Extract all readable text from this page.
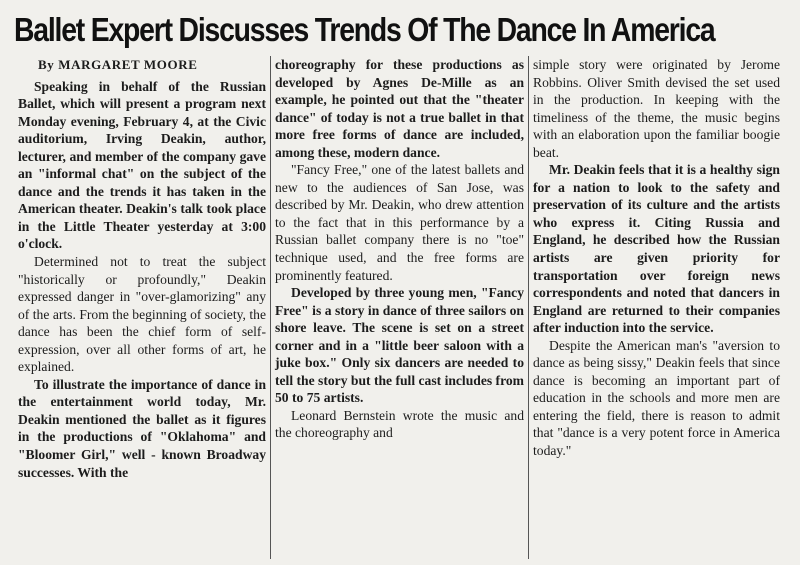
Ballet Expert Discusses Trends Of The Dance In America

By MARGARET MOORE

Speaking in behalf of the Russian Ballet, which will present a program next Monday evening, February 4, at the Civic auditorium, Irving Deakin, author, lecturer, and member of the company gave an "informal chat" on the subject of the dance and the trends it has taken in the American theater. Deakin's talk took place in the Little Theater yesterday at 3:00 o'clock.

Determined not to treat the subject "historically or profoundly," Deakin expressed danger in "over-glamorizing" any of the arts. From the beginning of society, the dance has been the chief form of self-expression, over all other forms of art, he explained.

To illustrate the importance of dance in the entertainment world today, Mr. Deakin mentioned the ballet as it figures in the productions of "Oklahoma" and "Bloomer Girl," well - known Broadway successes. With the

choreography for these productions as developed by Agnes De-Mille as an example, he pointed out that the "theater dance" of today is not a true ballet in that more free forms of dance are included, among these, modern dance.

"Fancy Free," one of the latest ballets and new to the audiences of San Jose, was described by Mr. Deakin, who drew attention to the fact that in this performance by a Russian ballet company there is no "toe" technique used, and the free forms are prominently featured.

Developed by three young men, "Fancy Free" is a story in dance of three sailors on shore leave. The scene is set on a street corner and in a "little beer saloon with a juke box." Only six dancers are needed to tell the story but the full cast includes from 50 to 75 artists.

Leonard Bernstein wrote the music and the choreography and

simple story were originated by Jerome Robbins. Oliver Smith devised the set used in the production. In keeping with the timeliness of the theme, the music begins with an elaboration upon the familiar boogie beat.

Mr. Deakin feels that it is a healthy sign for a nation to look to the safety and preservation of its culture and the artists who express it. Citing Russia and England, he described how the Russian artists are given priority for transportation over foreign news correspondents and noted that dancers in England are returned to their companies after induction into the service.

Despite the American man's "aversion to dance as being sissy," Deakin feels that since dance is becoming an important part of education in the schools and more men are entering the field, there is reason to admit that "dance is a very potent force in America today."
